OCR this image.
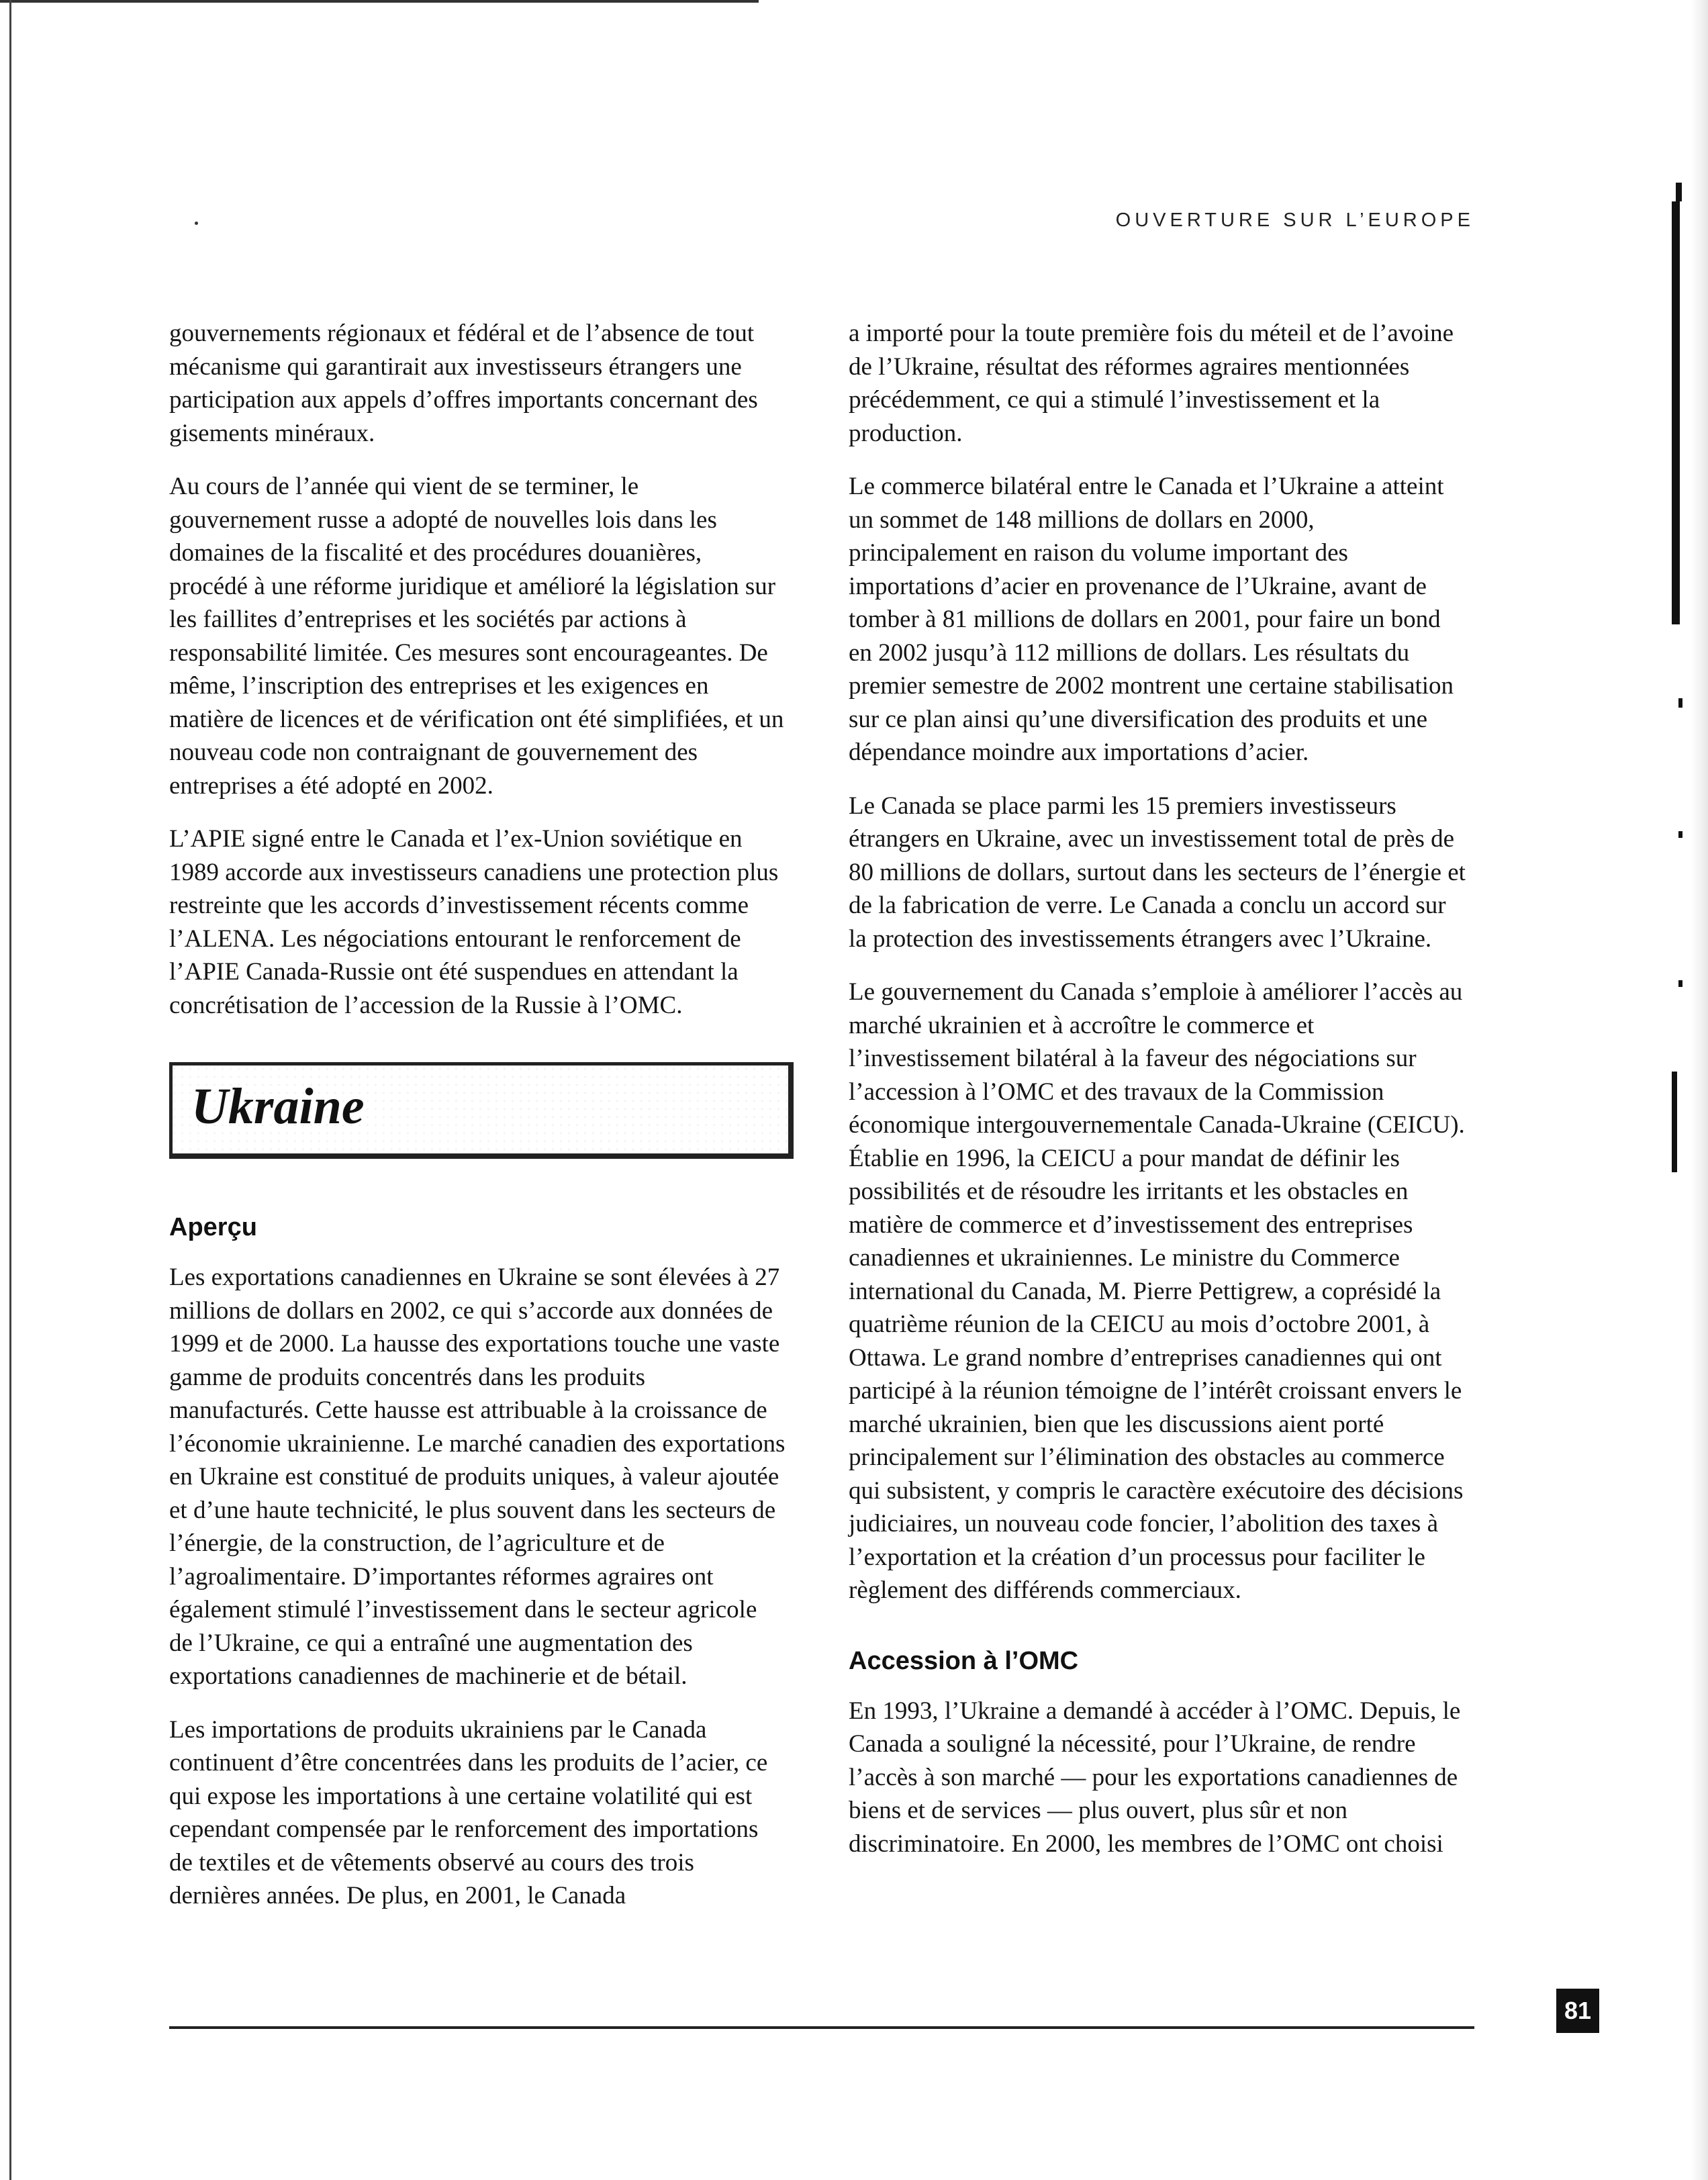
OUVERTURE SUR L’EUROPE

gouvernements régionaux et fédéral et de l’absence de tout mécanisme qui garantirait aux investisseurs étrangers une participation aux appels d’offres importants concernant des gisements minéraux.

Au cours de l’année qui vient de se terminer, le gouvernement russe a adopté de nouvelles lois dans les domaines de la fiscalité et des procédures douanières, procédé à une réforme juridique et amélioré la législation sur les faillites d’entreprises et les sociétés par actions à responsabilité limitée. Ces mesures sont encourageantes. De même, l’inscription des entreprises et les exigences en matière de licences et de vérification ont été simplifiées, et un nouveau code non contraignant de gouvernement des entreprises a été adopté en 2002.

L’APIE signé entre le Canada et l’ex-Union soviétique en 1989 accorde aux investisseurs canadiens une protection plus restreinte que les accords d’investissement récents comme l’ALENA. Les négociations entourant le renforcement de l’APIE Canada-Russie ont été suspendues en attendant la concrétisation de l’accession de la Russie à l’OMC.

Ukraine
Aperçu

Les exportations canadiennes en Ukraine se sont élevées à 27 millions de dollars en 2002, ce qui s’accorde aux données de 1999 et de 2000. La hausse des exportations touche une vaste gamme de produits concentrés dans les produits manufacturés. Cette hausse est attribuable à la croissance de l’économie ukrainienne. Le marché canadien des exportations en Ukraine est constitué de produits uniques, à valeur ajoutée et d’une haute technicité, le plus souvent dans les secteurs de l’énergie, de la construction, de l’agriculture et de l’agroalimentaire. D’importantes réformes agraires ont également stimulé l’investissement dans le secteur agricole de l’Ukraine, ce qui a entraîné une augmentation des exportations canadiennes de machinerie et de bétail.

Les importations de produits ukrainiens par le Canada continuent d’être concentrées dans les produits de l’acier, ce qui expose les importations à une certaine volatilité qui est cependant compensée par le renforcement des importations de textiles et de vêtements observé au cours des trois dernières années. De plus, en 2001, le Canada

a importé pour la toute première fois du méteil et de l’avoine de l’Ukraine, résultat des réformes agraires mentionnées précédemment, ce qui a stimulé l’investissement et la production.

Le commerce bilatéral entre le Canada et l’Ukraine a atteint un sommet de 148 millions de dollars en 2000, principalement en raison du volume important des importations d’acier en provenance de l’Ukraine, avant de tomber à 81 millions de dollars en 2001, pour faire un bond en 2002 jusqu’à 112 millions de dollars. Les résultats du premier semestre de 2002 montrent une certaine stabilisation sur ce plan ainsi qu’une diversification des produits et une dépendance moindre aux importations d’acier.

Le Canada se place parmi les 15 premiers investisseurs étrangers en Ukraine, avec un investissement total de près de 80 millions de dollars, surtout dans les secteurs de l’énergie et de la fabrication de verre. Le Canada a conclu un accord sur la protection des investissements étrangers avec l’Ukraine.

Le gouvernement du Canada s’emploie à améliorer l’accès au marché ukrainien et à accroître le commerce et l’investissement bilatéral à la faveur des négociations sur l’accession à l’OMC et des travaux de la Commission économique intergouvernementale Canada-Ukraine (CEICU). Établie en 1996, la CEICU a pour mandat de définir les possibilités et de résoudre les irritants et les obstacles en matière de commerce et d’investissement des entreprises canadiennes et ukrainiennes. Le ministre du Commerce international du Canada, M. Pierre Pettigrew, a coprésidé la quatrième réunion de la CEICU au mois d’octobre 2001, à Ottawa. Le grand nombre d’entreprises canadiennes qui ont participé à la réunion témoigne de l’intérêt croissant envers le marché ukrainien, bien que les discussions aient porté principalement sur l’élimination des obstacles au commerce qui subsistent, y compris le caractère exécutoire des décisions judiciaires, un nouveau code foncier, l’abolition des taxes à l’exportation et la création d’un processus pour faciliter le règlement des différends commerciaux.

Accession à l’OMC

En 1993, l’Ukraine a demandé à accéder à l’OMC. Depuis, le Canada a souligné la nécessité, pour l’Ukraine, de rendre l’accès à son marché — pour les exportations canadiennes de biens et de services — plus ouvert, plus sûr et non discriminatoire. En 2000, les membres de l’OMC ont choisi

81
